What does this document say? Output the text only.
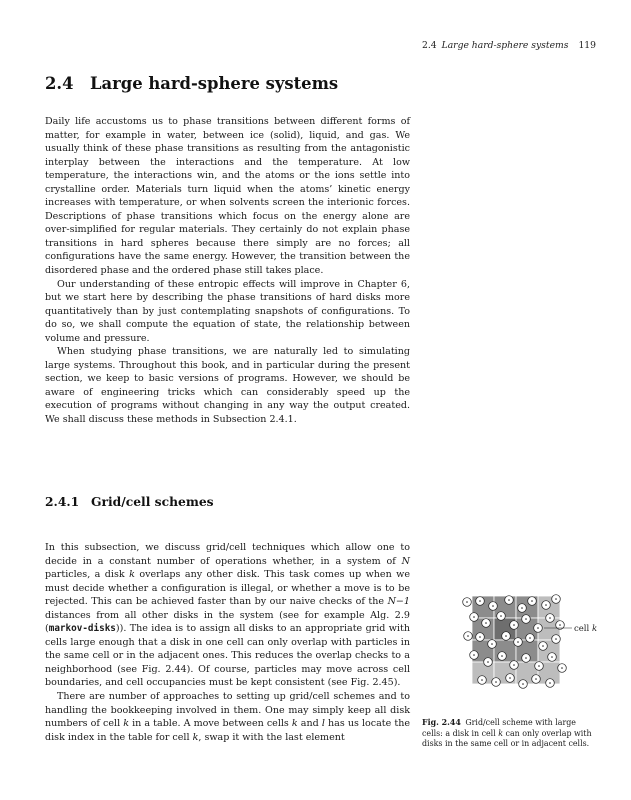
2.4 Large hard-sphere systems 119
2.4 Large hard-sphere systems

Daily life accustoms us to phase transitions between different forms of matter, for example in water, between ice (solid), liquid, and gas. We usually think of these phase transitions as resulting from the antagonistic interplay between the interactions and the temperature. At low temperature, the interactions win, and the atoms or the ions settle into crystalline order. Materials turn liquid when the atoms’ kinetic energy increases with temperature, or when solvents screen the interionic forces. Descriptions of phase transitions which focus on the energy alone are over-simplified for regular materials. They certainly do not explain phase transitions in hard spheres because there simply are no forces; all configurations have the same energy. However, the transition between the disordered phase and the ordered phase still takes place.

Our understanding of these entropic effects will improve in Chapter 6, but we start here by describing the phase transitions of hard disks more quantitatively than by just contemplating snapshots of configurations. To do so, we shall compute the equation of state, the relationship between volume and pressure.

When studying phase transitions, we are naturally led to simulating large systems. Throughout this book, and in particular during the present section, we keep to basic versions of programs. However, we should be aware of engineering tricks which can considerably speed up the execution of programs without changing in any way the output created. We shall discuss these methods in Subsection 2.4.1.

2.4.1 Grid/cell schemes

In this subsection, we discuss grid/cell techniques which allow one to decide in a constant number of operations whether, in a system of N particles, a disk k overlaps any other disk. This task comes up when we must decide whether a configuration is illegal, or whether a move is to be rejected. This can be achieved faster than by our naive checks of the N−1 distances from all other disks in the system (see for example Alg. 2.9 (markov-disks)). The idea is to assign all disks to an appropriate grid with cells large enough that a disk in one cell can only overlap with particles in the same cell or in the adjacent ones. This reduces the overlap checks to a neighborhood (see Fig. 2.44). Of course, particles may move across cell boundaries, and cell occupancies must be kept consistent (see Fig. 2.45).

There are number of approaches to setting up grid/cell schemes and to handling the bookkeeping involved in them. One may simply keep all disk numbers of cell k in a table. A move between cells k and l has us locate the disk index in the table for cell k, swap it with the last element

cell k
Fig. 2.44 Grid/cell scheme with large cells: a disk in cell k can only overlap with disks in the same cell or in adjacent cells.
